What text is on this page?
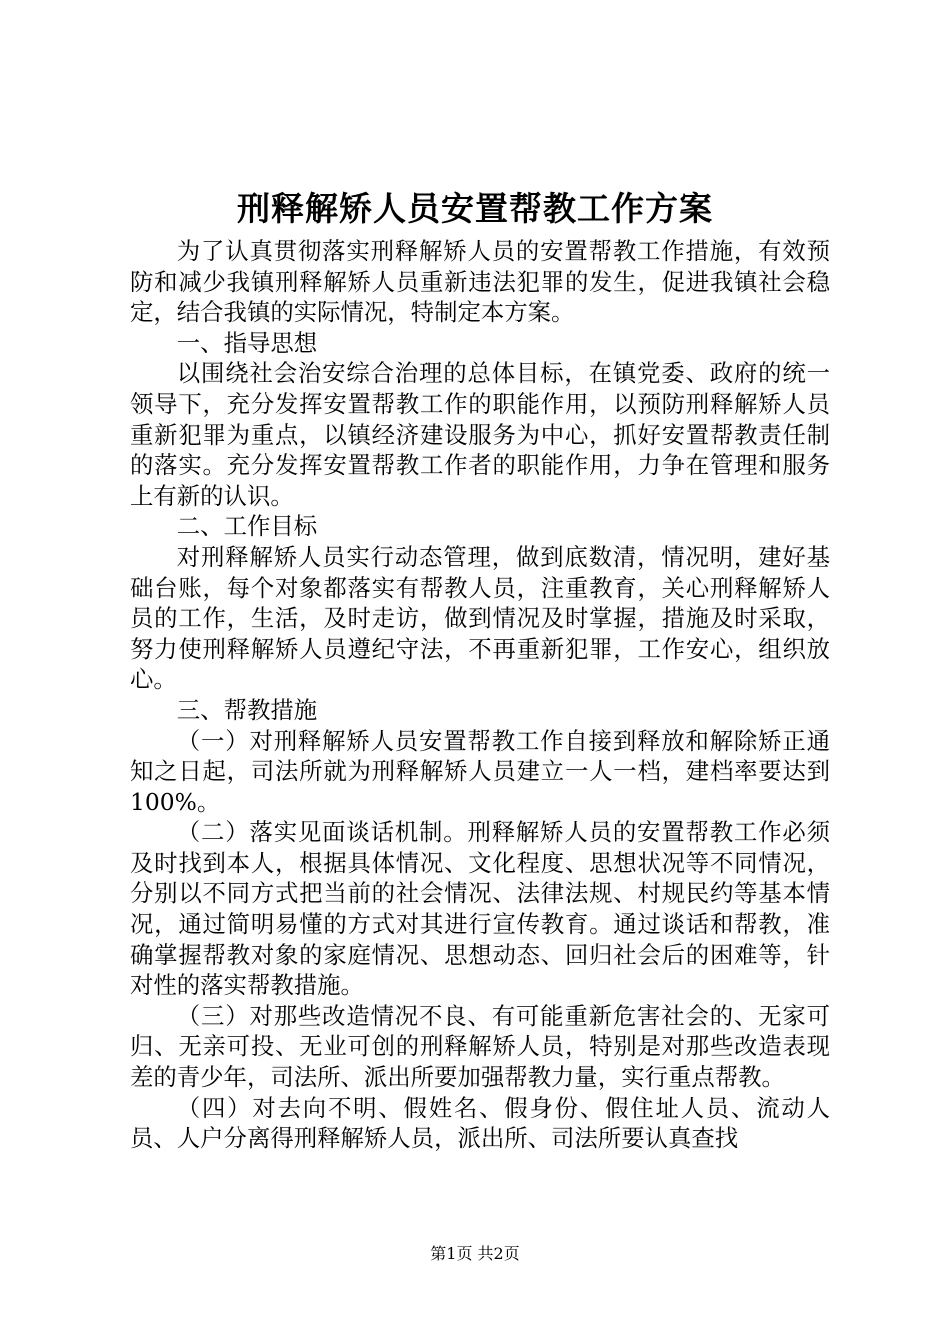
刑释解矫人员安置帮教工作方案

为了认真贯彻落实刑释解矫人员的安置帮教工作措施，有效预防和减少我镇刑释解矫人员重新违法犯罪的发生，促进我镇社会稳定，结合我镇的实际情况，特制定本方案。

一、指导思想

以围绕社会治安综合治理的总体目标，在镇党委、政府的统一领导下，充分发挥安置帮教工作的职能作用，以预防刑释解矫人员重新犯罪为重点，以镇经济建设服务为中心，抓好安置帮教责任制的落实。充分发挥安置帮教工作者的职能作用，力争在管理和服务上有新的认识。

二、工作目标

对刑释解矫人员实行动态管理，做到底数清，情况明，建好基础台账，每个对象都落实有帮教人员，注重教育，关心刑释解矫人员的工作，生活，及时走访，做到情况及时掌握，措施及时采取，努力使刑释解矫人员遵纪守法，不再重新犯罪，工作安心，组织放心。

三、帮教措施

（一）对刑释解矫人员安置帮教工作自接到释放和解除矫正通知之日起，司法所就为刑释解矫人员建立一人一档，建档率要达到100%。

（二）落实见面谈话机制。刑释解矫人员的安置帮教工作必须及时找到本人，根据具体情况、文化程度、思想状况等不同情况，分别以不同方式把当前的社会情况、法律法规、村规民约等基本情况，通过简明易懂的方式对其进行宣传教育。通过谈话和帮教，准确掌握帮教对象的家庭情况、思想动态、回归社会后的困难等，针对性的落实帮教措施。

（三）对那些改造情况不良、有可能重新危害社会的、无家可归、无亲可投、无业可创的刑释解矫人员，特别是对那些改造表现差的青少年，司法所、派出所要加强帮教力量，实行重点帮教。

（四）对去向不明、假姓名、假身份、假住址人员、流动人员、人户分离得刑释解矫人员，派出所、司法所要认真查找

第1页 共2页
